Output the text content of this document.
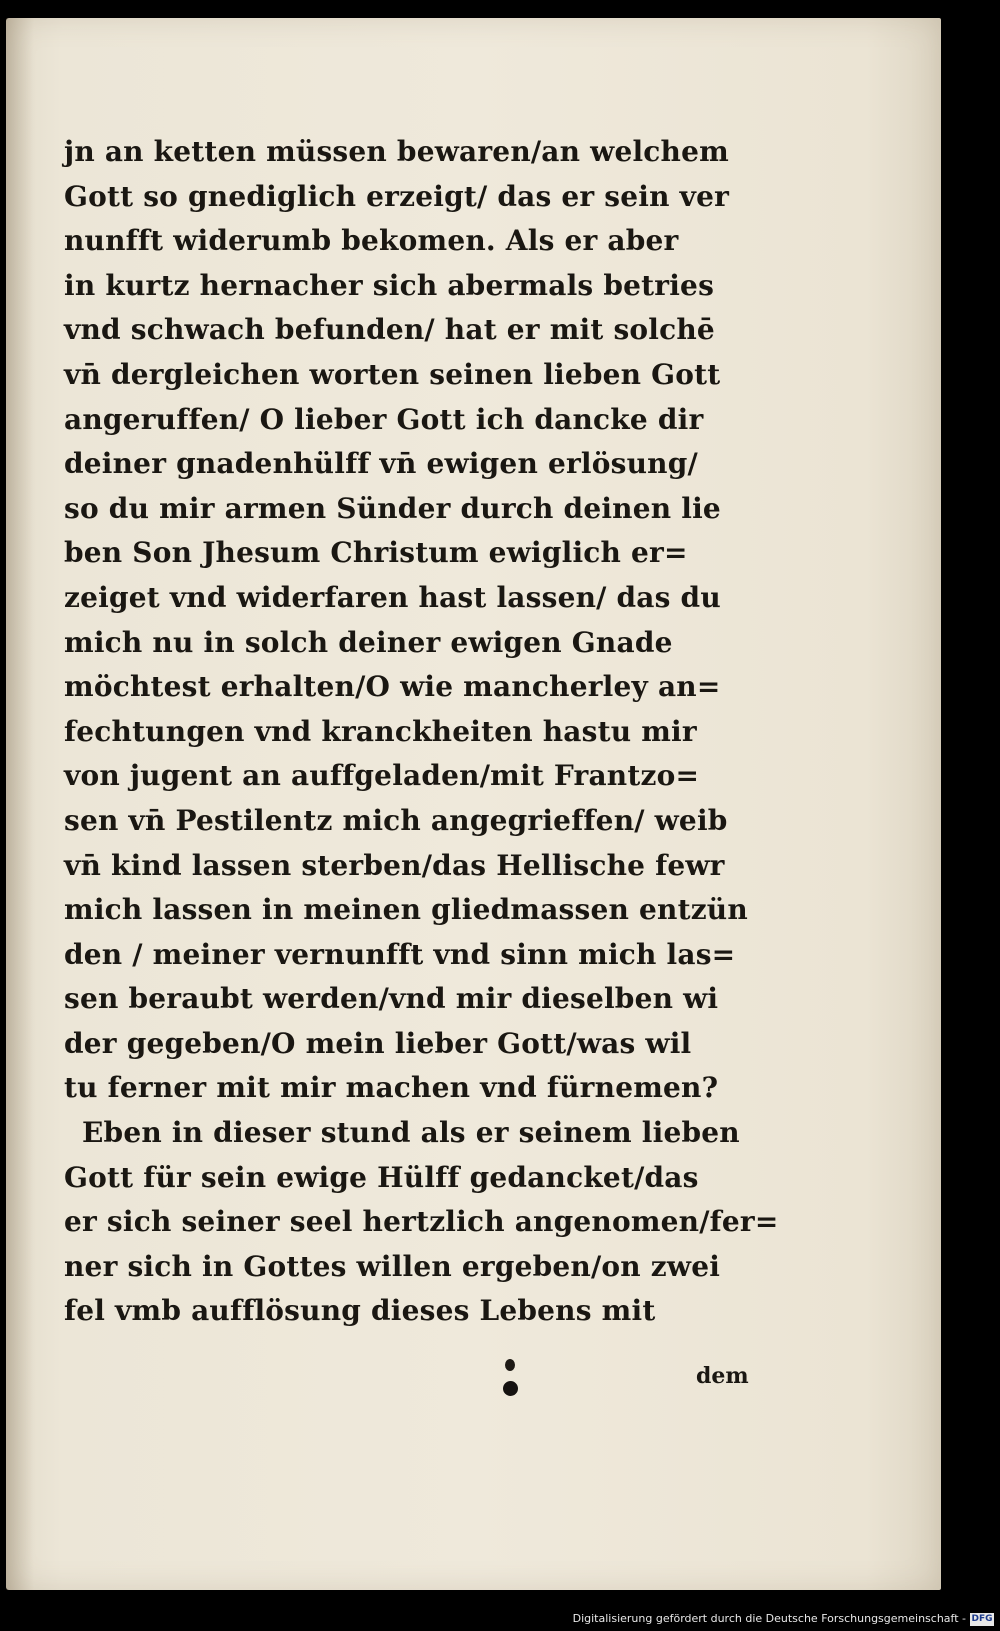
jn an ketten müssen bewaren/an welchem
Gott so gnediglich erzeigt/ das er sein ver
nunfft widerumb bekomen. Als er aber
in kurtz hernacher sich abermals betries
vnd schwach befunden/ hat er mit solchē
vn̄ dergleichen worten seinen lieben Gott
angeruffen/ O lieber Gott ich dancke dir
deiner gnadenhülff vn̄ ewigen erlösung/
so du mir armen Sünder durch deinen lie
ben Son Jhesum Christum ewiglich er=
zeiget vnd widerfaren hast lassen/ das du
mich nu in solch deiner ewigen Gnade
möchtest erhalten/O wie mancherley an=
fechtungen vnd kranckheiten hastu mir
von jugent an auffgeladen/mit Frantzo=
sen vn̄ Pestilentz mich angegrieffen/ weib
vn̄ kind lassen sterben/das Hellische fewr
mich lassen in meinen gliedmassen entzün
den / meiner vernunfft vnd sinn mich las=
sen beraubt werden/vnd mir dieselben wi
der gegeben/O mein lieber Gott/was wil
tu ferner mit mir machen vnd fürnemen?
Eben in dieser stund als er seinem lieben
Gott für sein ewige Hülff gedancket/das
er sich seiner seel hertzlich angenomen/fer=
ner sich in Gottes willen ergeben/on zwei
fel vmb aufflösung dieses Lebens mit
dem
Digitalisierung gefördert durch die Deutsche Forschungsgemeinschaft - DFG
